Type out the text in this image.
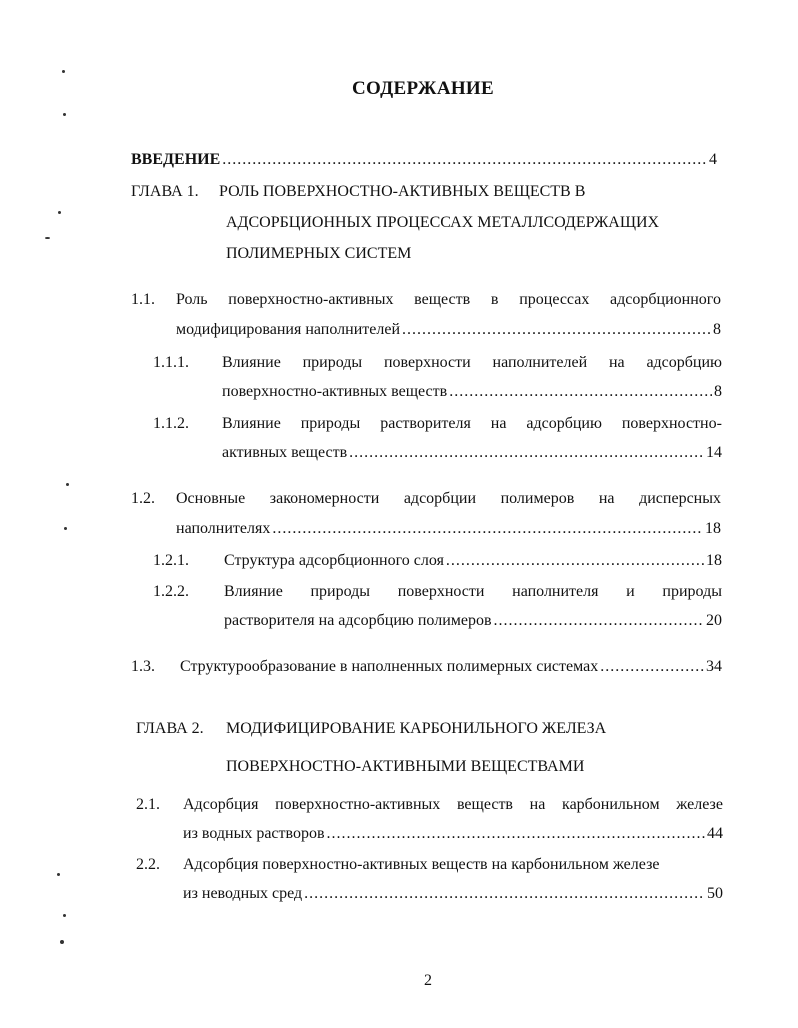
СОДЕРЖАНИЕ
ВВЕДЕНИЕ .....	4
ГЛАВА 1. РОЛЬ ПОВЕРХНОСТНО-АКТИВНЫХ ВЕЩЕСТВ В
АДСОРБЦИОННЫХ ПРОЦЕССАХ МЕТАЛЛСОДЕРЖАЩИХ
ПОЛИМЕРНЫХ СИСТЕМ
1.1. Роль поверхностно-активных веществ в процессах адсорбционного
модифицирования наполнителей .....	8
1.1.1. Влияние природы поверхности наполнителей на адсорбцию
поверхностно-активных веществ .....	8
1.1.2. Влияние природы растворителя на адсорбцию поверхностно-
активных веществ .....	14
1.2. Основные закономерности адсорбции полимеров на дисперсных
наполнителях .....	18
1.2.1. Структура адсорбционного слоя .....	18
1.2.2. Влияние природы поверхности наполнителя и природы
растворителя на адсорбцию полимеров .....	20
1.3. Структурообразование в наполненных полимерных системах .....	34
ГЛАВА 2. МОДИФИЦИРОВАНИЕ КАРБОНИЛЬНОГО ЖЕЛЕЗА
ПОВЕРХНОСТНО-АКТИВНЫМИ ВЕЩЕСТВАМИ
2.1. Адсорбция поверхностно-активных веществ на карбонильном железе
из водных растворов .....	44
2.2. Адсорбция поверхностно-активных веществ на карбонильном железе
из неводных сред .....	50
2
